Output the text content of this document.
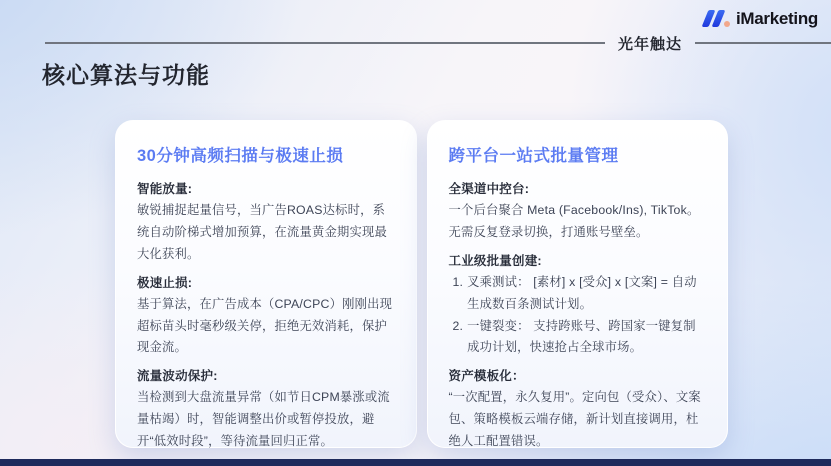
iMarketing
光年触达
核心算法与功能
30分钟高频扫描与极速止损
智能放量:

敏锐捕捉起量信号，当广告ROAS达标时，系统自动阶梯式增加预算，在流量黄金期实现最大化获利。

极速止损:

基于算法，在广告成本（CPA/CPC）刚刚出现超标苗头时毫秒级关停，拒绝无效消耗，保护现金流。

流量波动保护:

当检测到大盘流量异常（如节日CPM暴涨或流量枯竭）时，智能调整出价或暂停投放，避开“低效时段”，等待流量回归正常。

跨平台一站式批量管理
全渠道中控台:

一个后台聚合 Meta (Facebook/Ins), TikTok。无需反复登录切换，打通账号壁垒。

工业级批量创建:
1. 叉乘测试： [素材] x [受众] x [文案] = 自动生成数百条测试计划。
2. 一键裂变： 支持跨账号、跨国家一键复制成功计划，快速抢占全球市场。
资产模板化：

“一次配置，永久复用”。定向包（受众）、文案包、策略模板云端存储，新计划直接调用，杜绝人工配置错误。
